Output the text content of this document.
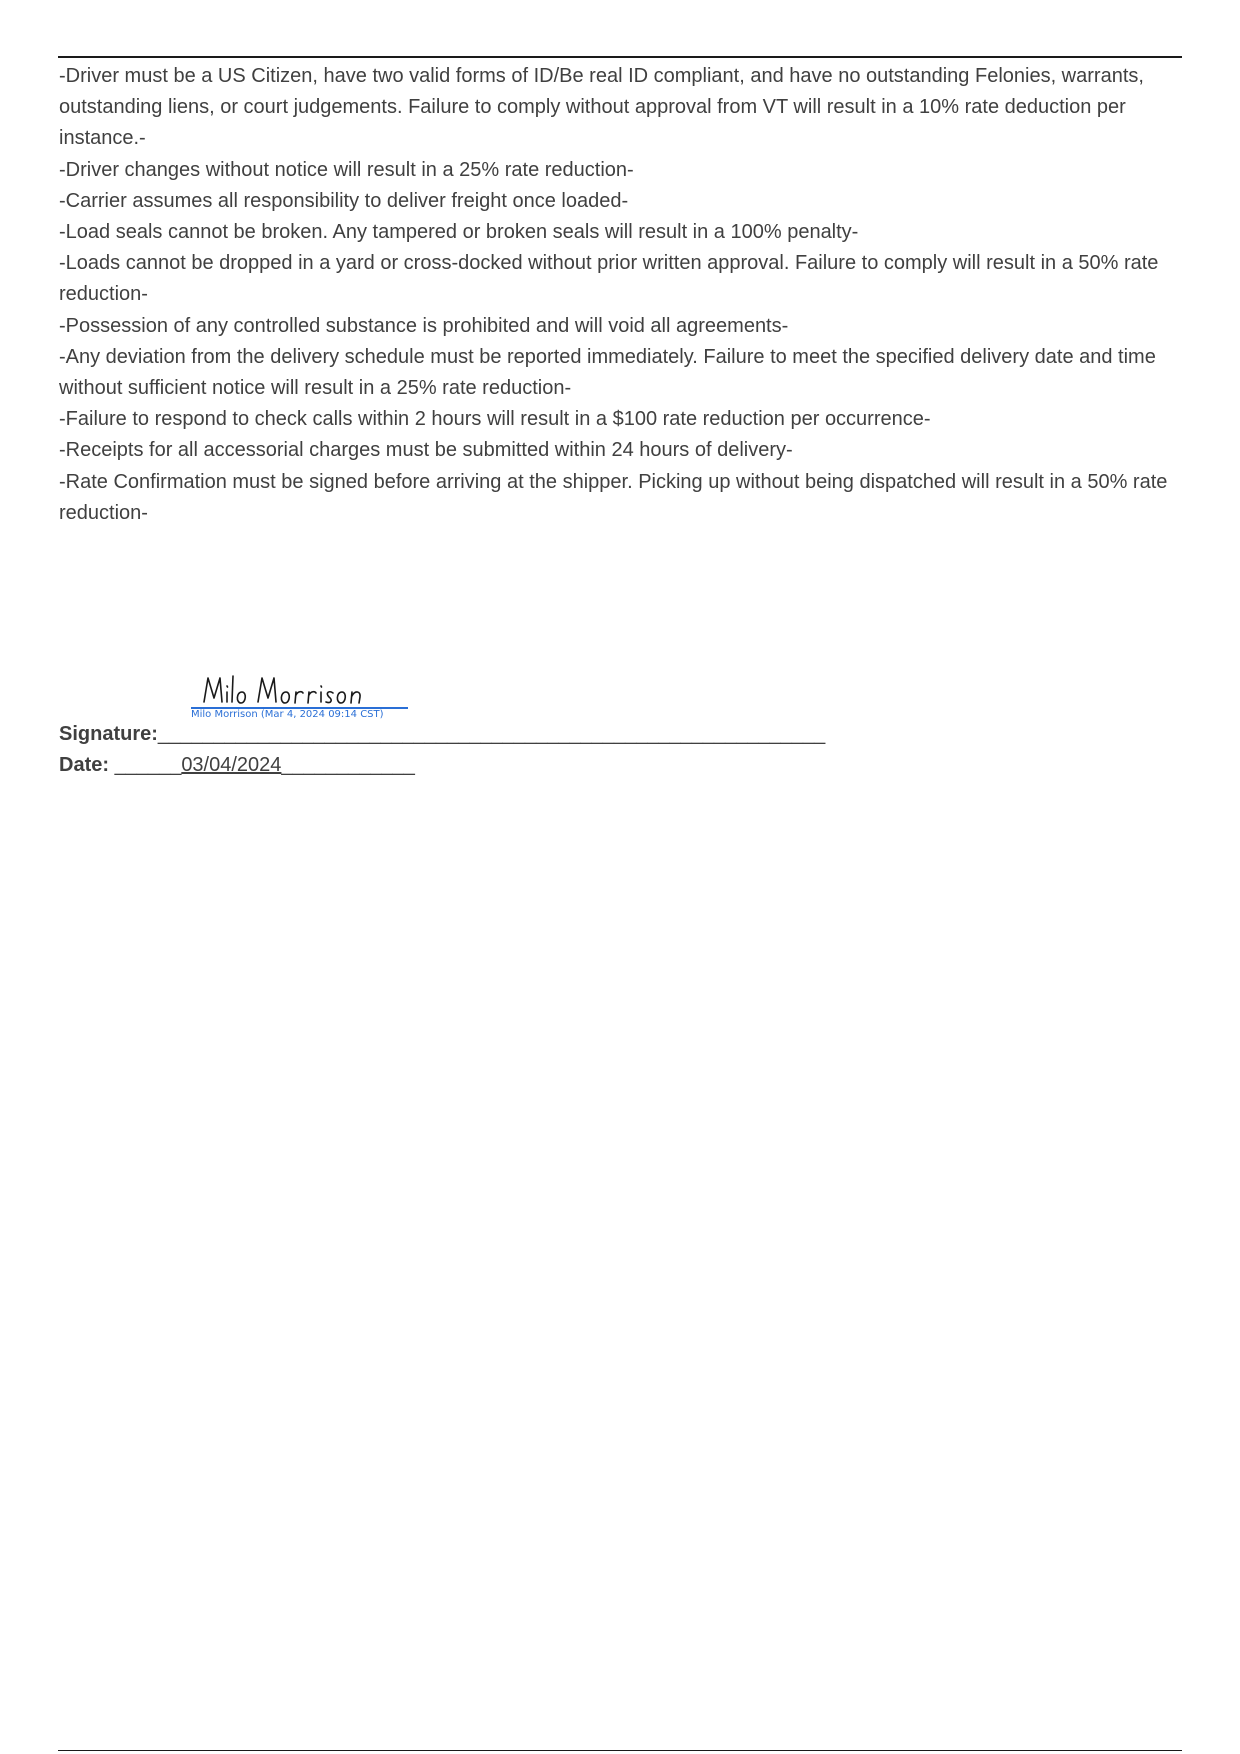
-Driver must be a US Citizen, have two valid forms of ID/Be real ID compliant, and have no outstanding Felonies, warrants, outstanding liens, or court judgements. Failure to comply without approval from VT will result in a 10% rate deduction per instance.-
-Driver changes without notice will result in a 25% rate reduction-
-Carrier assumes all responsibility to deliver freight once loaded-
-Load seals cannot be broken. Any tampered or broken seals will result in a 100% penalty-
-Loads cannot be dropped in a yard or cross-docked without prior written approval. Failure to comply will result in a 50% rate reduction-
-Possession of any controlled substance is prohibited and will void all agreements-
-Any deviation from the delivery schedule must be reported immediately. Failure to meet the specified delivery date and time without sufficient notice will result in a 25% rate reduction-
-Failure to respond to check calls within 2 hours will result in a $100 rate reduction per occurrence-
-Receipts for all accessorial charges must be submitted within 24 hours of delivery-
-Rate Confirmation must be signed before arriving at the shipper. Picking up without being dispatched will result in a 50% rate reduction-
Milo Morrison (Mar 4, 2024 09:14 CST)
Signature:____________________________________________________________
Date: ______03/04/2024____________
